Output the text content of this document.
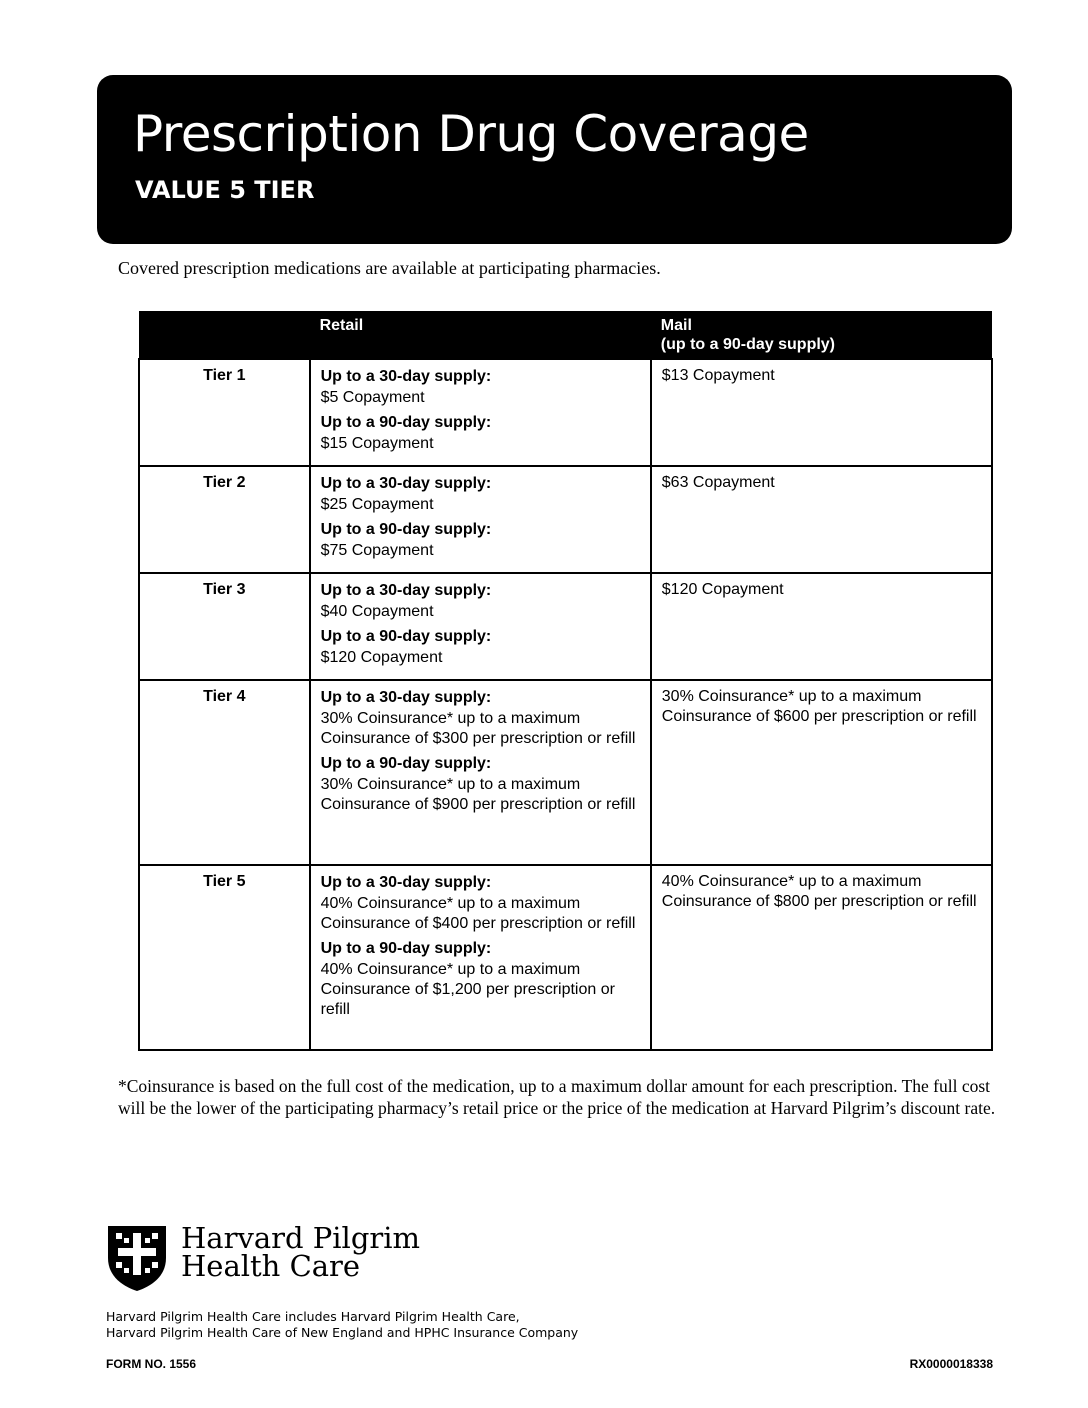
Prescription Drug Coverage
VALUE 5 TIER
Covered prescription medications are available at participating pharmacies.
	Retail	Mail
(up to a 90-day supply)
Tier 1	Up to a 30-day supply:
$5 Copayment
Up to a 90-day supply:
$15 Copayment	$13 Copayment

Tier 2	Up to a 30-day supply:
$25 Copayment
Up to a 90-day supply:
$75 Copayment	$63 Copayment

Tier 3	Up to a 30-day supply:
$40 Copayment
Up to a 90-day supply:
$120 Copayment	$120 Copayment

Tier 4	Up to a 30-day supply:
30% Coinsurance* up to a maximum Coinsurance of $300 per prescription or refill
Up to a 90-day supply:
30% Coinsurance* up to a maximum Coinsurance of $900 per prescription or refill	30% Coinsurance* up to a maximum Coinsurance of $600 per prescription or refill

Tier 5	Up to a 30-day supply:
40% Coinsurance* up to a maximum Coinsurance of $400 per prescription or refill
Up to a 90-day supply:
40% Coinsurance* up to a maximum Coinsurance of $1,200 per prescription or refill	40% Coinsurance* up to a maximum Coinsurance of $800 per prescription or refill
*Coinsurance is based on the full cost of the medication, up to a maximum dollar amount for each prescription. The full cost will be the lower of the participating pharmacy’s retail price or the price of the medication at Harvard Pilgrim’s discount rate.
Harvard Pilgrim
Health Care
Harvard Pilgrim Health Care includes Harvard Pilgrim Health Care,
Harvard Pilgrim Health Care of New England and HPHC Insurance Company
FORM NO. 1556	RX0000018338
